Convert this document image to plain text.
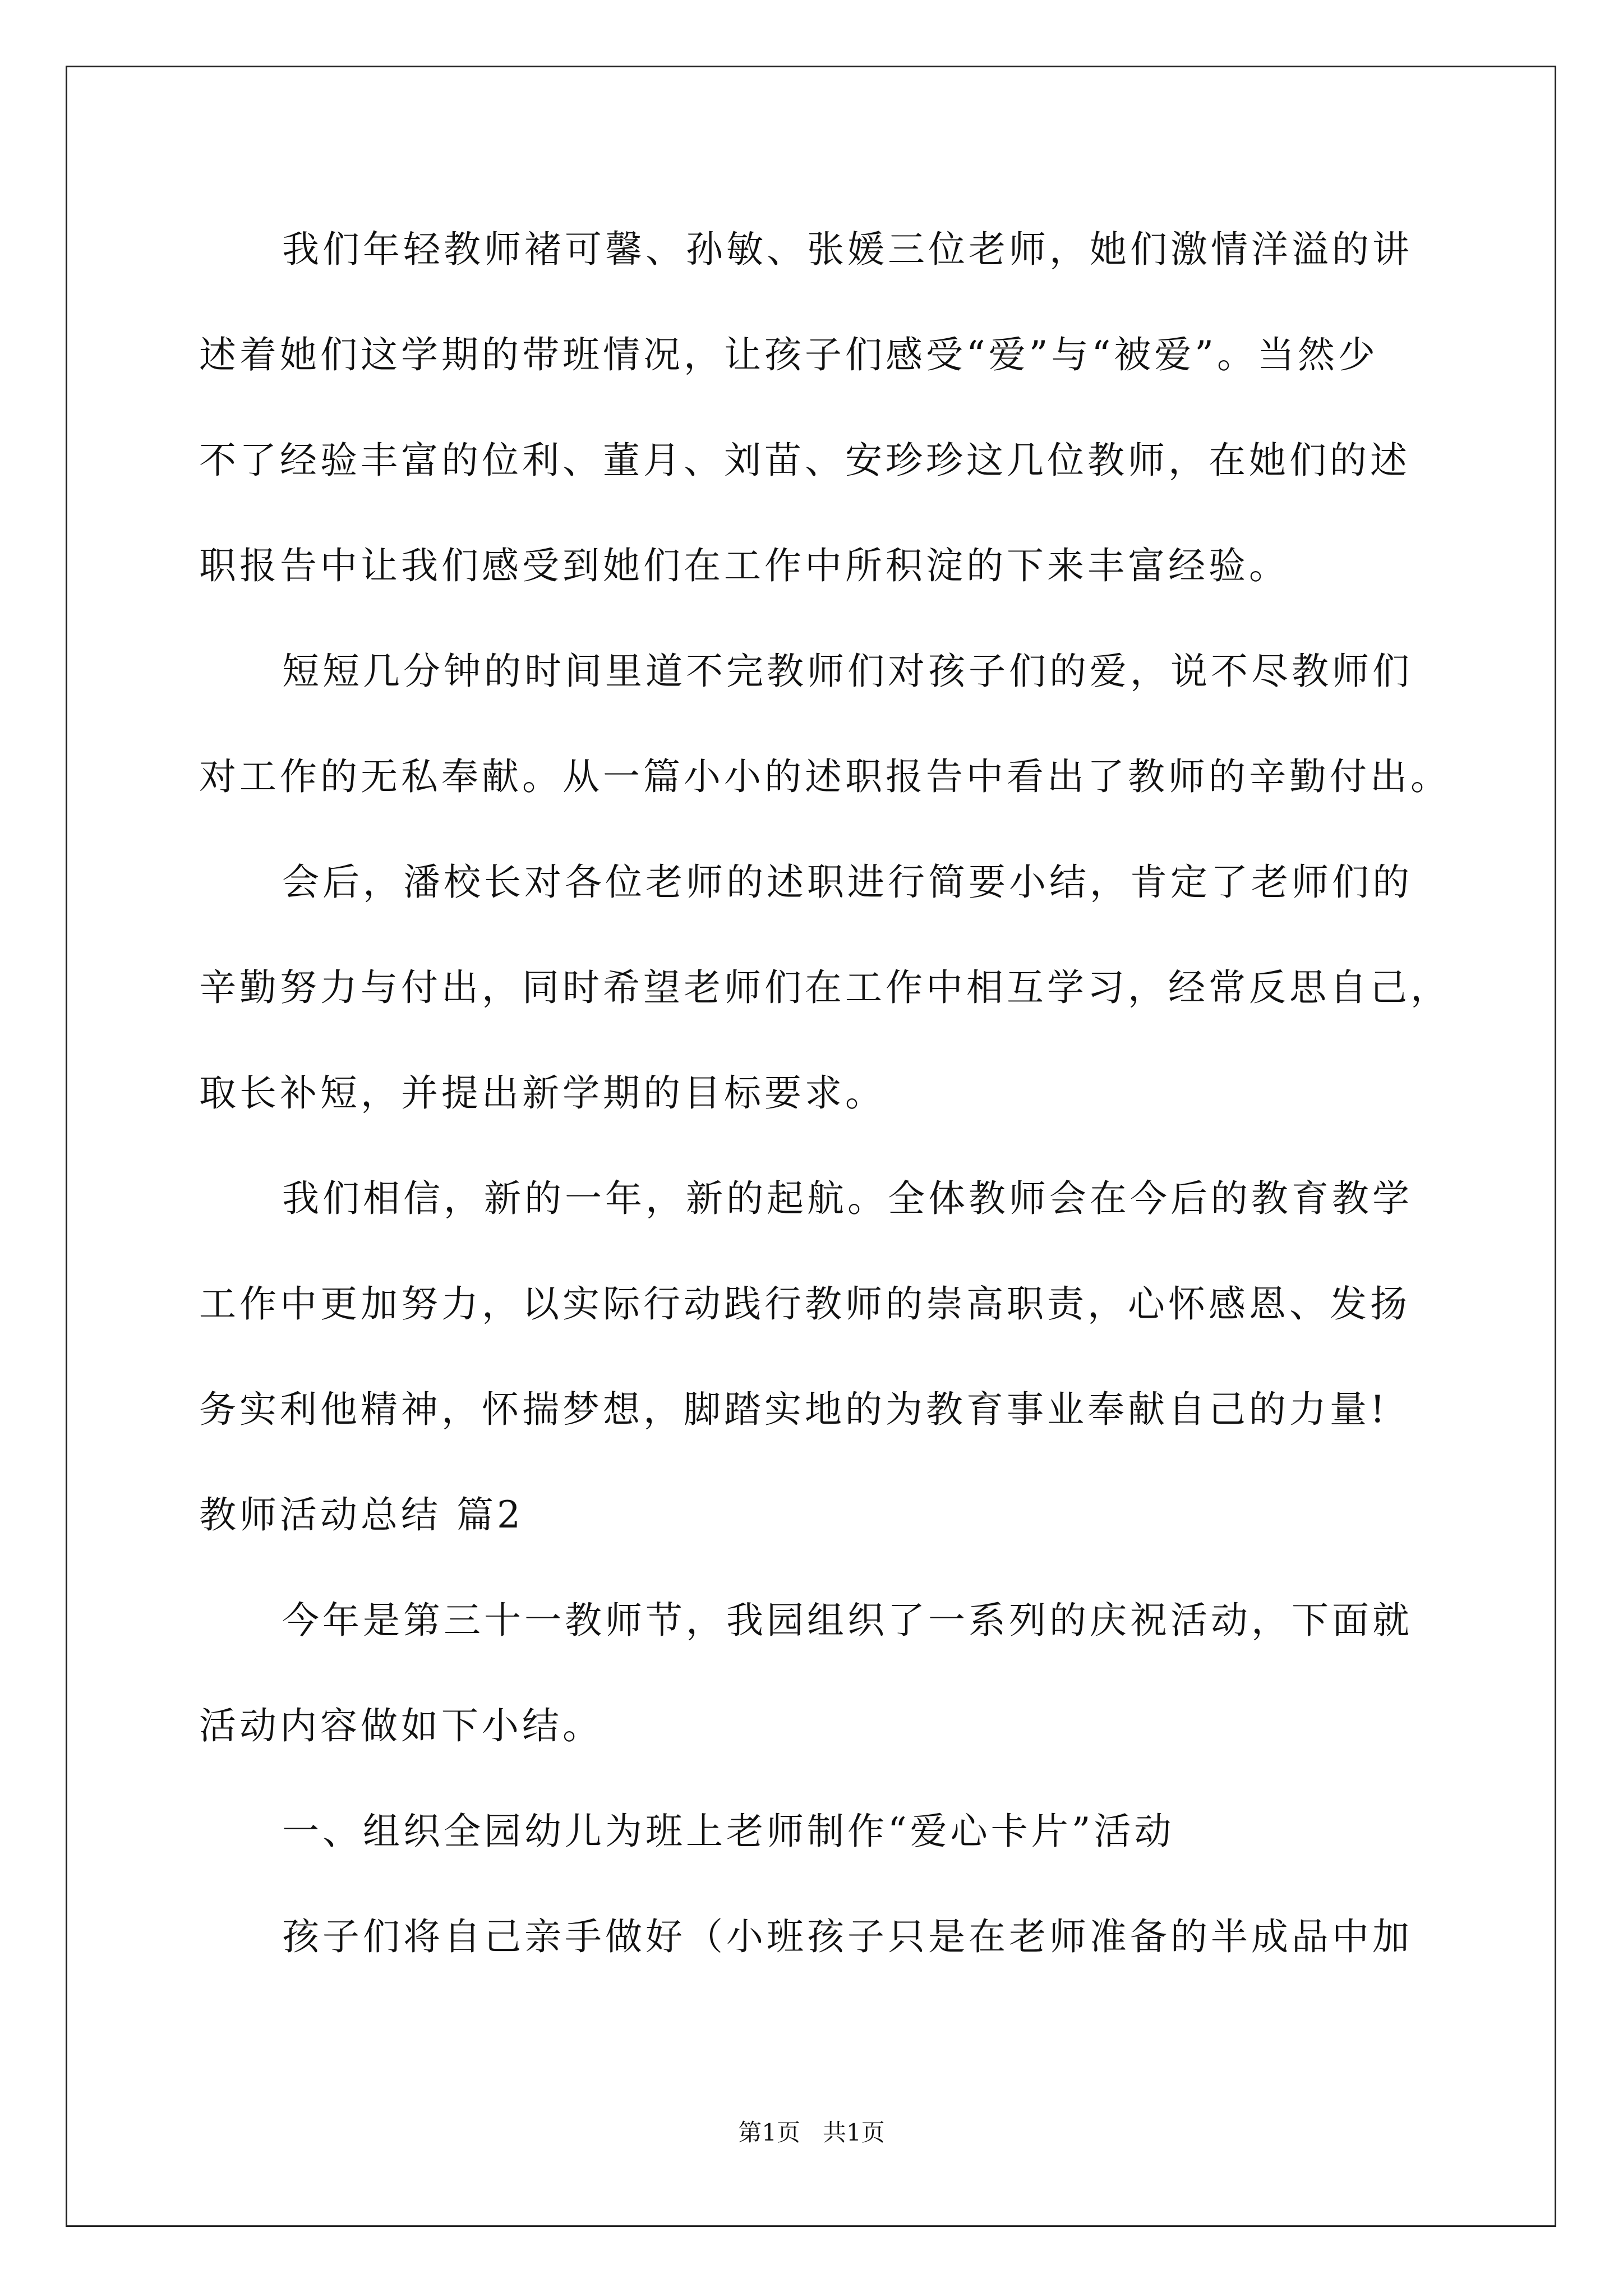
我们年轻教师褚可馨、孙敏、张媛三位老师，她们激情洋溢的讲
述着她们这学期的带班情况，让孩子们感受“爱”与“被爱”。当然少
不了经验丰富的位利、董月、刘苗、安珍珍这几位教师，在她们的述
职报告中让我们感受到她们在工作中所积淀的下来丰富经验。
短短几分钟的时间里道不完教师们对孩子们的爱，说不尽教师们
对工作的无私奉献。从一篇小小的述职报告中看出了教师的辛勤付出。
会后，潘校长对各位老师的述职进行简要小结，肯定了老师们的
辛勤努力与付出，同时希望老师们在工作中相互学习，经常反思自己，
取长补短，并提出新学期的目标要求。
我们相信，新的一年，新的起航。全体教师会在今后的教育教学
工作中更加努力，以实际行动践行教师的崇高职责，心怀感恩、发扬
务实利他精神，怀揣梦想，脚踏实地的为教育事业奉献自己的力量!
教师活动总结 篇2
今年是第三十一教师节，我园组织了一系列的庆祝活动，下面就
活动内容做如下小结。
一、组织全园幼儿为班上老师制作“爱心卡片”活动
孩子们将自己亲手做好（小班孩子只是在老师准备的半成品中加
第1页   共1页
